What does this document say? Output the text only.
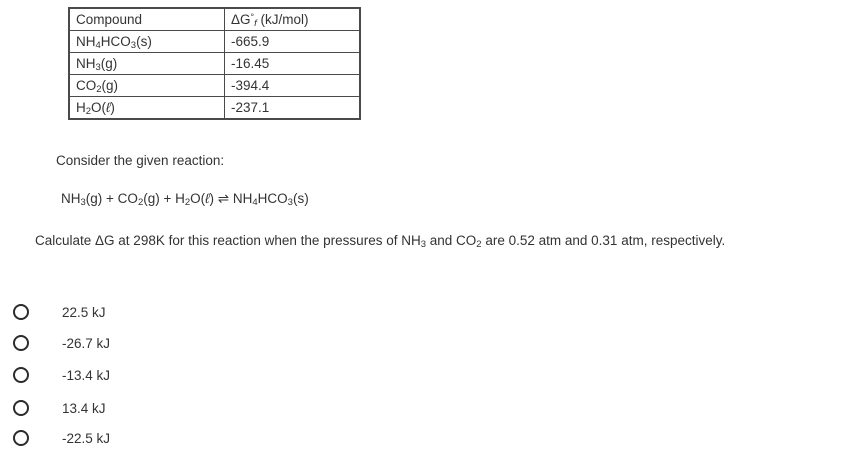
Compound	$\Delta G^\circ_f$ (kJ/mol)
$NH_4HCO_3(s)$	-665.9
$NH_3(g)$	-16.45
$CO_2(g)$	-394.4
$H_2O(\ell)$	-237.1
Consider the given reaction:
$NH_3(g) + CO_2(g)$ + $H_2O(\ell)$ ⇌ $NH_4HCO_3(s)$
Calculate ΔG at 298K for this reaction when the pressures of $NH_3$ and $CO_2$ are 0.52 atm and 0.31 atm, respectively.
22.5 kJ
-26.7 kJ
-13.4 kJ
13.4 kJ
-22.5 kJ
